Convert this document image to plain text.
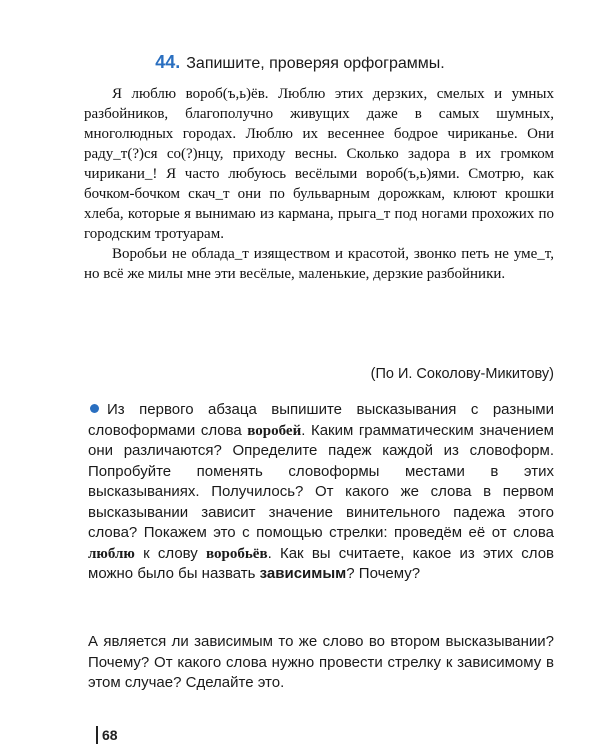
44. Запишите, проверяя орфограммы.

Я люблю вороб(ъ,ь)ёв. Люблю этих дерзких, смелых и умных разбойников, благополучно живущих даже в самых шумных, многолюдных городах. Люблю их весеннее бодрое чириканье. Они раду_т(?)ся со(?)нцу, приходу весны. Сколько задора в их громком чирикани_! Я часто любуюсь весёлыми вороб(ъ,ь)ями. Смотрю, как бочком-бочком скач_т они по бульварным дорожкам, клюют крошки хлеба, которые я вынимаю из кармана, прыга_т под ногами прохожих по городским тротуарам.

Воробьи не облада_т изяществом и красотой, звонко петь не уме_т, но всё же милы мне эти весёлые, маленькие, дерзкие разбойники.

(По И. Соколову-Микитову)

Из первого абзаца выпишите высказывания с разными словоформами слова воробей. Каким грамматическим значением они различаются? Определите падеж каждой из словоформ. Попробуйте поменять словоформы местами в этих высказываниях. Получилось? От какого же слова в первом высказывании зависит значение винительного падежа этого слова? Покажем это с помощью стрелки: проведём её от слова люблю к слову воробьёв. Как вы считаете, какое из этих слов можно было бы назвать зависимым? Почему?

А является ли зависимым то же слово во втором высказывании? Почему? От какого слова нужно провести стрелку к зависимому в этом случае? Сделайте это.

68
